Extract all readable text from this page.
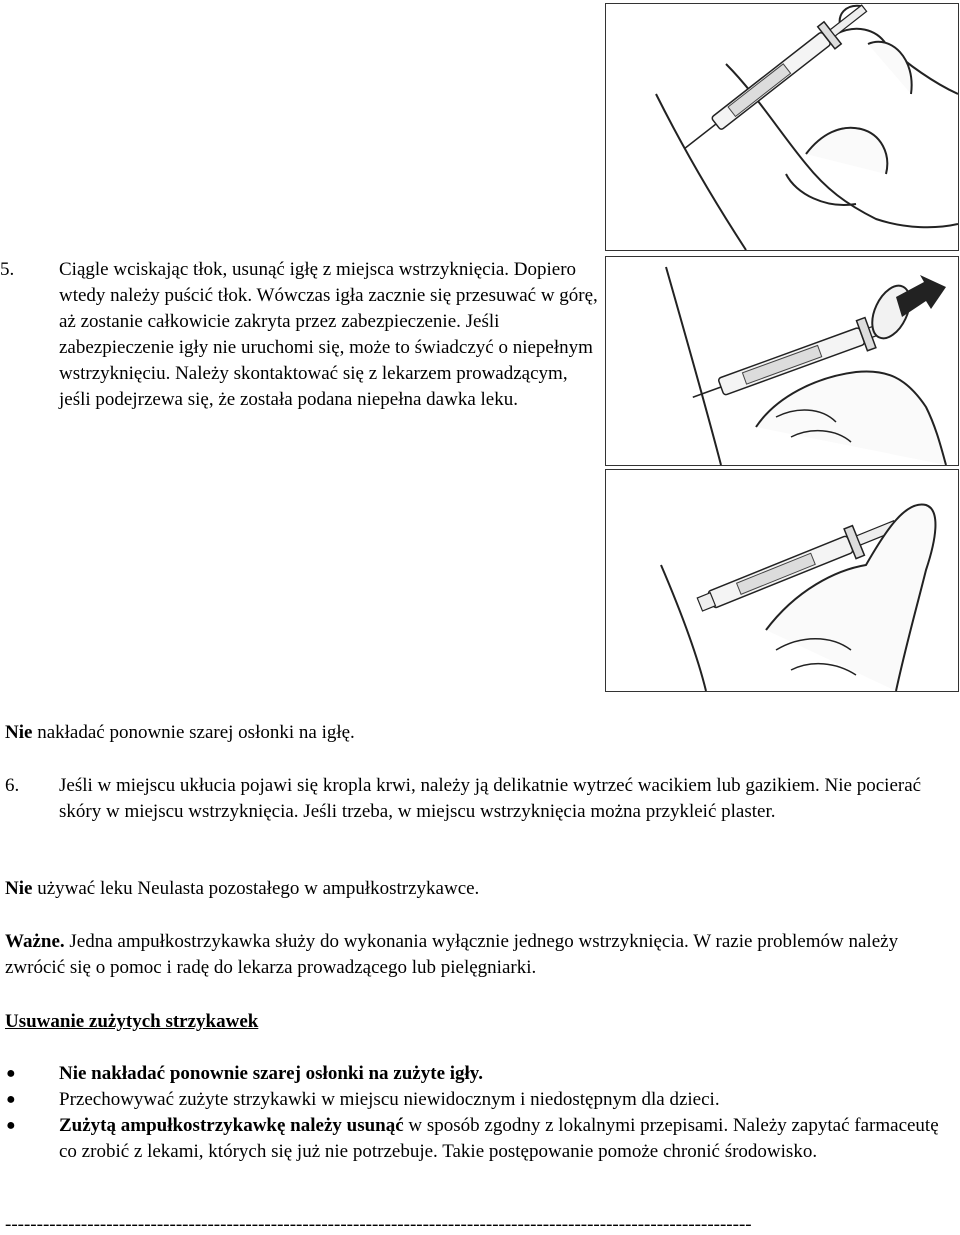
5. Ciągle wciskając tłok, usunąć igłę z miejsca wstrzyknięcia. Dopiero wtedy należy puścić tłok. Wówczas igła zacznie się przesuwać w górę, aż zostanie całkowicie zakryta przez zabezpieczenie. Jeśli zabezpieczenie igły nie uruchomi się, może to świadczyć o niepełnym wstrzyknięciu. Należy skontaktować się z lekarzem prowadzącym, jeśli podejrzewa się, że została podana niepełna dawka leku.
Nie nakładać ponownie szarej osłonki na igłę.
6. Jeśli w miejscu ukłucia pojawi się kropla krwi, należy ją delikatnie wytrzeć wacikiem lub gazikiem. Nie pocierać skóry w miejscu wstrzyknięcia. Jeśli trzeba, w miejscu wstrzyknięcia można przykleić plaster.
Nie używać leku Neulasta pozostałego w ampułkostrzykawce.
Ważne. Jedna ampułkostrzykawka służy do wykonania wyłącznie jednego wstrzyknięcia. W razie problemów należy zwrócić się o pomoc i radę do lekarza prowadzącego lub pielęgniarki.
Usuwanie zużytych strzykawek
● Nie nakładać ponownie szarej osłonki na zużyte igły.
● Przechowywać zużyte strzykawki w miejscu niewidocznym i niedostępnym dla dzieci.
● Zużytą ampułkostrzykawkę należy usunąć w sposób zgodny z lokalnymi przepisami. Należy zapytać farmaceutę co zrobić z lekami, których się już nie potrzebuje. Takie postępowanie pomoże chronić środowisko.
----------------------------------------------------------------------------------------------------------------------
